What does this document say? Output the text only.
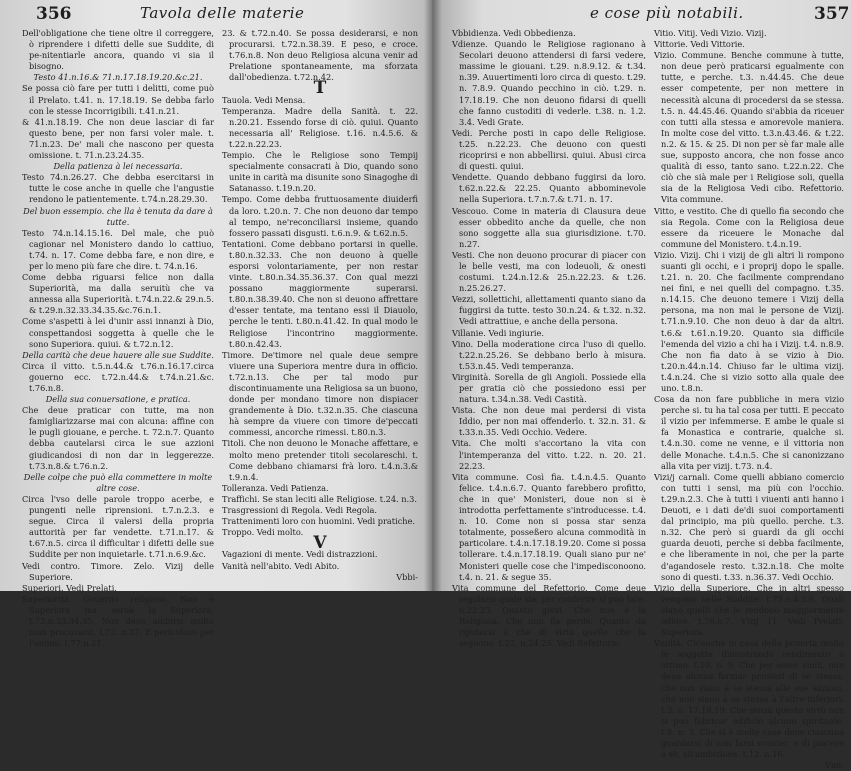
356	Tavola delle materie

Dell'obligatione che tiene oltre il correggere, ò riprendere i difetti delle sue Suddite, di pe-nitentiarle ancora, quando vi sia il bisogno.

Testo 41.n.16.& 71.n.17.18.19.20.&c.21.

Se possa ciò fare per tutti i delitti, come può il Prelato. t.41. n. 17.18.19. Se debba farlo con le stesse Incorrigibili. t.41.n.21.

& 41.n.18.19. Che non deue lasciar di far questo bene, per non farsi voler male. t. 71.n.23. De' mali che nascono per questa omissione. t. 71.n.23.24.35.

Della patienza à lei necessaria.

Testo 74.n.26.27. Che debba esercitarsi in tutte le cose anche in quelle che l'angustie rendono le patientemente. t.74.n.28.29.30.

Del buon essempio. che lla è tenuta da dare à tutte.

Testo 74.n.14.15.16. Del male, che può cagionar nel Monistero dando lo cattiuo, t.74. n. 17. Come debba fare, e non dire, e per lo meno più fare che dire. t. 74.n.16.

Come debba riguarsi felice non dalla Superiorità, ma dalla seruitù che va annessa alla Superiorità. t.74.n.22.& 29.n.5. & t.29.n.32.33.34.35.&c.76.n.1.

Come s'aspetti à lei d'unir assi innanzi à Dio, conspettandosi soggetta à quelle che le sono Superiora. quiui. & t.72.n.12.

Della carità che deue hauere alle sue Suddite.

Circa il vitto. t.5.n.44.& t.76.n.16.17.circa gouerno ecc. t.72.n.44.& t.74.n.21.&c. t.76.n.8.

Della sua conuersatione, e pratica.

Che deue praticar con tutte, ma non famigliarizzarse mai con alcuna: affine con le pugli giouane, e perche. t. 72.n.7. Quanto debba cautelarsi circa le sue azzioni giudicandosi di non dar in leggerezze. t.73.n.8.& t.76.n.2.

Delle colpe che può ella commettere in molte altre cose.

Circa l'vso delle parole troppo acerbe, e pungenti nelle riprensioni. t.7.n.2.3. e segue. Circa il valersi della propria auttorità per far vendette. t.71.n.17. & t.67.n.5. circa il difficultar i difetti delle sue Suddite per non inquietarle. t.71.n.6.9.&c.

Vedi contro. Timore. Zelo. Vizij delle Superiore.

Superiori. Vedi Prelati.

Superiorità. Gouerno religioso. Non è Superiora ma serua la Superiora. t.72.n.33.34.35. Non deue ambirsi molto men procurarsi. t.72. n.37. E pericoloso per l'anima. t.77.n.21.

23. & t.72.n.40. Se possa desiderarsi, e non procurarsi. t.72.n.38.39. E peso, e croce. t.76.n.8. Non deuo Religiosa alcuna venir ad Prelatione spontaneamente, ma sforzata dall'obedienza. t.72.n.42.

T

Tauola. Vedi Mensa.

Temperanza. Madre della Sanità. t. 22. n.20.21. Essendo forse di ciò. quiui. Quanto necessaria all' Religiose. t.16. n.4.5.6. & t.22.n.22.23.

Tempio. Che le Religiose sono Tempij specialmente consacrati à Dio, quando sono unite in carità ma disunite sono Sinagoghe di Satanasso. t.19.n.20.

Tempo. Come debba fruttuosamente diuiderfi da loro. t.20.n. 7. Che non deuono dar tempo al tempo, ne'reconciliarsi insieme, quando fossero passati disgusti. t.6.n.9. & t.62.n.5.

Tentationi. Come debbano portarsi in quelle. t.80.n.32.33. Che non deuono à quelle esporsi volontariamente, per non restar vinte. t.80.n.34.35.36.37. Con qual mezzi possano maggiormente superarsi. t.80.n.38.39.40. Che non si deuono affrettare d'esser tentate, ma tentano essi il Diauolo, perche le tenti. t.80.n.41.42. In qual modo le Religiose l'incontrino maggiormente. t.80.n.42.43.

Timore. De'timore nel quale deue sempre viuere una Superiora mentre dura in officio. t.72.n.13. Che per tal modo pur discontinuamente una Religiosa sa un buono, donde per mondano timore non dispiacer grandemente à Dio. t.32.n.35. Che ciascuna hà sempre da viuere con timore de'peccati commessi, ancorche rimessi. t.80.n.3.

Titoli. Che non deuono le Monache affettare, e molto meno pretender titoli secolareschi. t. Come debbano chiamarsi frà loro. t.4.n.3.& t.9.n.4.

Tolleranza. Vedi Patienza.

Traffichi. Se stan leciti alle Religiose. t.24. n.3.

Trasgressioni di Regola. Vedi Regola.

Trattenimenti loro con huomini. Vedi pratiche.

Troppo. Vedi molto.

V

Vagazioni di mente. Vedi distrazzioni.

Vanità nell'abito. Vedi Abito.

Vbbi-

e cose più notabili.	357

Vbbidienza. Vedi Obbedienza.

Vdienze. Quando le Religiose ragionano à Secolari deuono attendersi di farsi vedere, massime le giouani. t.29. n.8.9.12. & t.34. n.39. Auuertimenti loro circa di questo. t.29. n. 7.8.9. Quando pecchino in ciò. t.29. n. 17.18.19. Che non deuono fidarsi di quelli che fanno custoditi di vederle. t.38. n. 1.2. 3.4. Vedi Grate.

Vedi. Perche posti in capo delle Religiose. t.25. n.22.23. Che deuono con questi ricoprirsi e non abbellirsi. quiui. Abusi circa di questi. quiui.

Vendette. Quando debbano fuggirsi da loro. t.62.n.22.& 22.25. Quanto abbominevole nella Superiora. t.7.n.7.& t.71. n. 17.

Vescouo. Come in materia di Clausura deue esser obbedito anche da quelle, che non sono soggette alla sua giurisdizione. t.70. n.27.

Vesti. Che non deuono procurar di piacer con le belle vesti, ma con lodeuoli, & onesti costumi. t.24.n.12.& 25.n.22.23. & t.26. n.25.26.27.

Vezzi, sollettichi, allettamenti quanto siano da fuggirsi da tutte. testo 30.n.24. & t.32. n.32. Vedi attrattiue, e anche della persona.

Villanie. Vedi ingiurie.

Vino. Della moderatione circa l'uso di quello. t.22.n.25.26. Se debbano berlo à misura. t.53.n.45. Vedi temperanza.

Virginità. Sorella de gli Angioli. Possiede ella per gratia ciò che possiedono essi per natura. t.34.n.38. Vedi Castità.

Vista. Che non deue mai perdersi di vista Iddio, per non mai offenderlo. t. 32.n. 31. & t.33.n.35. Vedi Occhio. Vedere.

Vita. Che molti s'accortano la vita con l'intemperanza del vitto. t.22. n. 20. 21. 22.23.

Vita commune. Così fia. t.4.n.4.5. Quanto felice. t.4.n.6.7. Quanto farebbero profitto, che in que' Monisteri, doue non si è introdotta perfettamente s'introducesse. t.4. n. 10. Come non si possa star senza totalmente, posseßero alcuna commodità in particolare. t.4.n.17.18.19.20. Come si possa tollerare. t.4.n.17.18.19. Quali siano pur ne' Monisteri quelle cose che l'impedisconoono. t.4. n. 21. & segue 35.

Vita commune del Refettorio. Come deue regolarsi quale sia, per conferire si può fare. n.22.23. Quanto giovi. Che non è la Religiosa. Che non fia perde. Quanto da riputarsi il che di virtù quelle che la seguono. t.22. n.24.25. Vedi Refettorio.

Vitio. Vitij. Vedi Vizio. Vizij.

Vittorie. Vedi Vittorie.

Vizio. Commune. Benche commune à tutte, non deue però praticarsi egualmente con tutte, e perche. t.3. n.44.45. Che deue esser competente, per non mettere in necessità alcuna di procedersi da se stessa. t.5. n. 44.45.46. Quando si'abbia da riceuer con tutti alla stessa e amorevole maniera. In molte cose del vitto. t.3.n.43.46. & t.22. n.2. & 15. & 25. Di non per sè far male alle sue, supposto ancora, che non fosse anco qualità di esso, tanto sano. t.22.n.22. Che ciò che sià male per i Religiose soli, quella sia de la Religiosa Vedi cibo. Refettorio. Vita commune.

Vitto, e vestito. Che di quello fia secondo che sia Regola. Come con la Religiosa deue essere da riceuere le Monache dal commune del Monistero. t.4.n.19.

Vizio. Vizij. Chi i vizij de gli altri li rompono suanti gli occhi, e i proprij dopo le spalle. t.21. n. 20. Che facilmente comprendano nei fini, e nei quelli del compagno. t.35. n.14.15. Che deuono temere i Vizij della persona, ma non mai le persone de Vizij. t.71.n.9.10. Che non deuo à dar da altri. t.6.& t.61.n.19.20. Quanto sia difficile l'emenda del vizio a chi ha i Vizij. t.4. n.8.9. Che non fia dato à se vizio à Dio. t.20.n.44.n.14. Chiuso far le ultima vizij. t.4.n.24. Che si vizio sotto alla quale dee uno. t.8.n.

Cosa da non fare pubbliche in mera vizio perche si. tu ha tal cosa per tutti. E peccato il vizio per infemmerse. E ambe le quale si fa Monastica e contrarie, qualche si. t.4.n.30. come ne venne, e il vittoria non delle Monache. t.4.n.5. Che si canonizzano alla vita per vizij. t.73. n.4.

Vizi/j carnali. Come quelli abbiano comercio con tutti i sensi, ma più con l'occhio. t.29.n.2.3. Che à tutti i viuenti anti hanno i Deuoti, e i dati de'di suoi comportamenti dal principio, ma più quello. perche. t.3. n.32. Che però si guardi da gli occhi guarda deuoti, perche si debba facilmente, e che liberamente in noi, che per la parte d'agandosele resto. t.32.n.18. Che molte sono di questi. t.33. n.36.37. Vedi Occhio.

Vizio della Superiore. Che in altri spesso vengono nelle Suddite. t.75.n.4.5.6. Quali siano quelli che le rendono maggiormente odiose. t.76.n.7. Vizij 11. Vedi Prelati. Superiora.

Vmiltà. Ch'anche in casa della pouertà molto le soggette dimostrando rendimento o ottimo. t.10. n. 9. Che per esser vmili, non deue alcuna formar pensieri di se stessa, che non siano à se stessa alle sue azzioni, che non siano à se stessa à l'altre inferiori. t.3. n. 17.18.19. Che senza questa virtù non si può fabricar edificio alcuno spirituale. t.8. n. 3. Che sì è molte cose deue ciascuna guardarsi di non farsi scuoter, e di piacere à sè, all'ambizione. t.12. n.16.

Vmi-
